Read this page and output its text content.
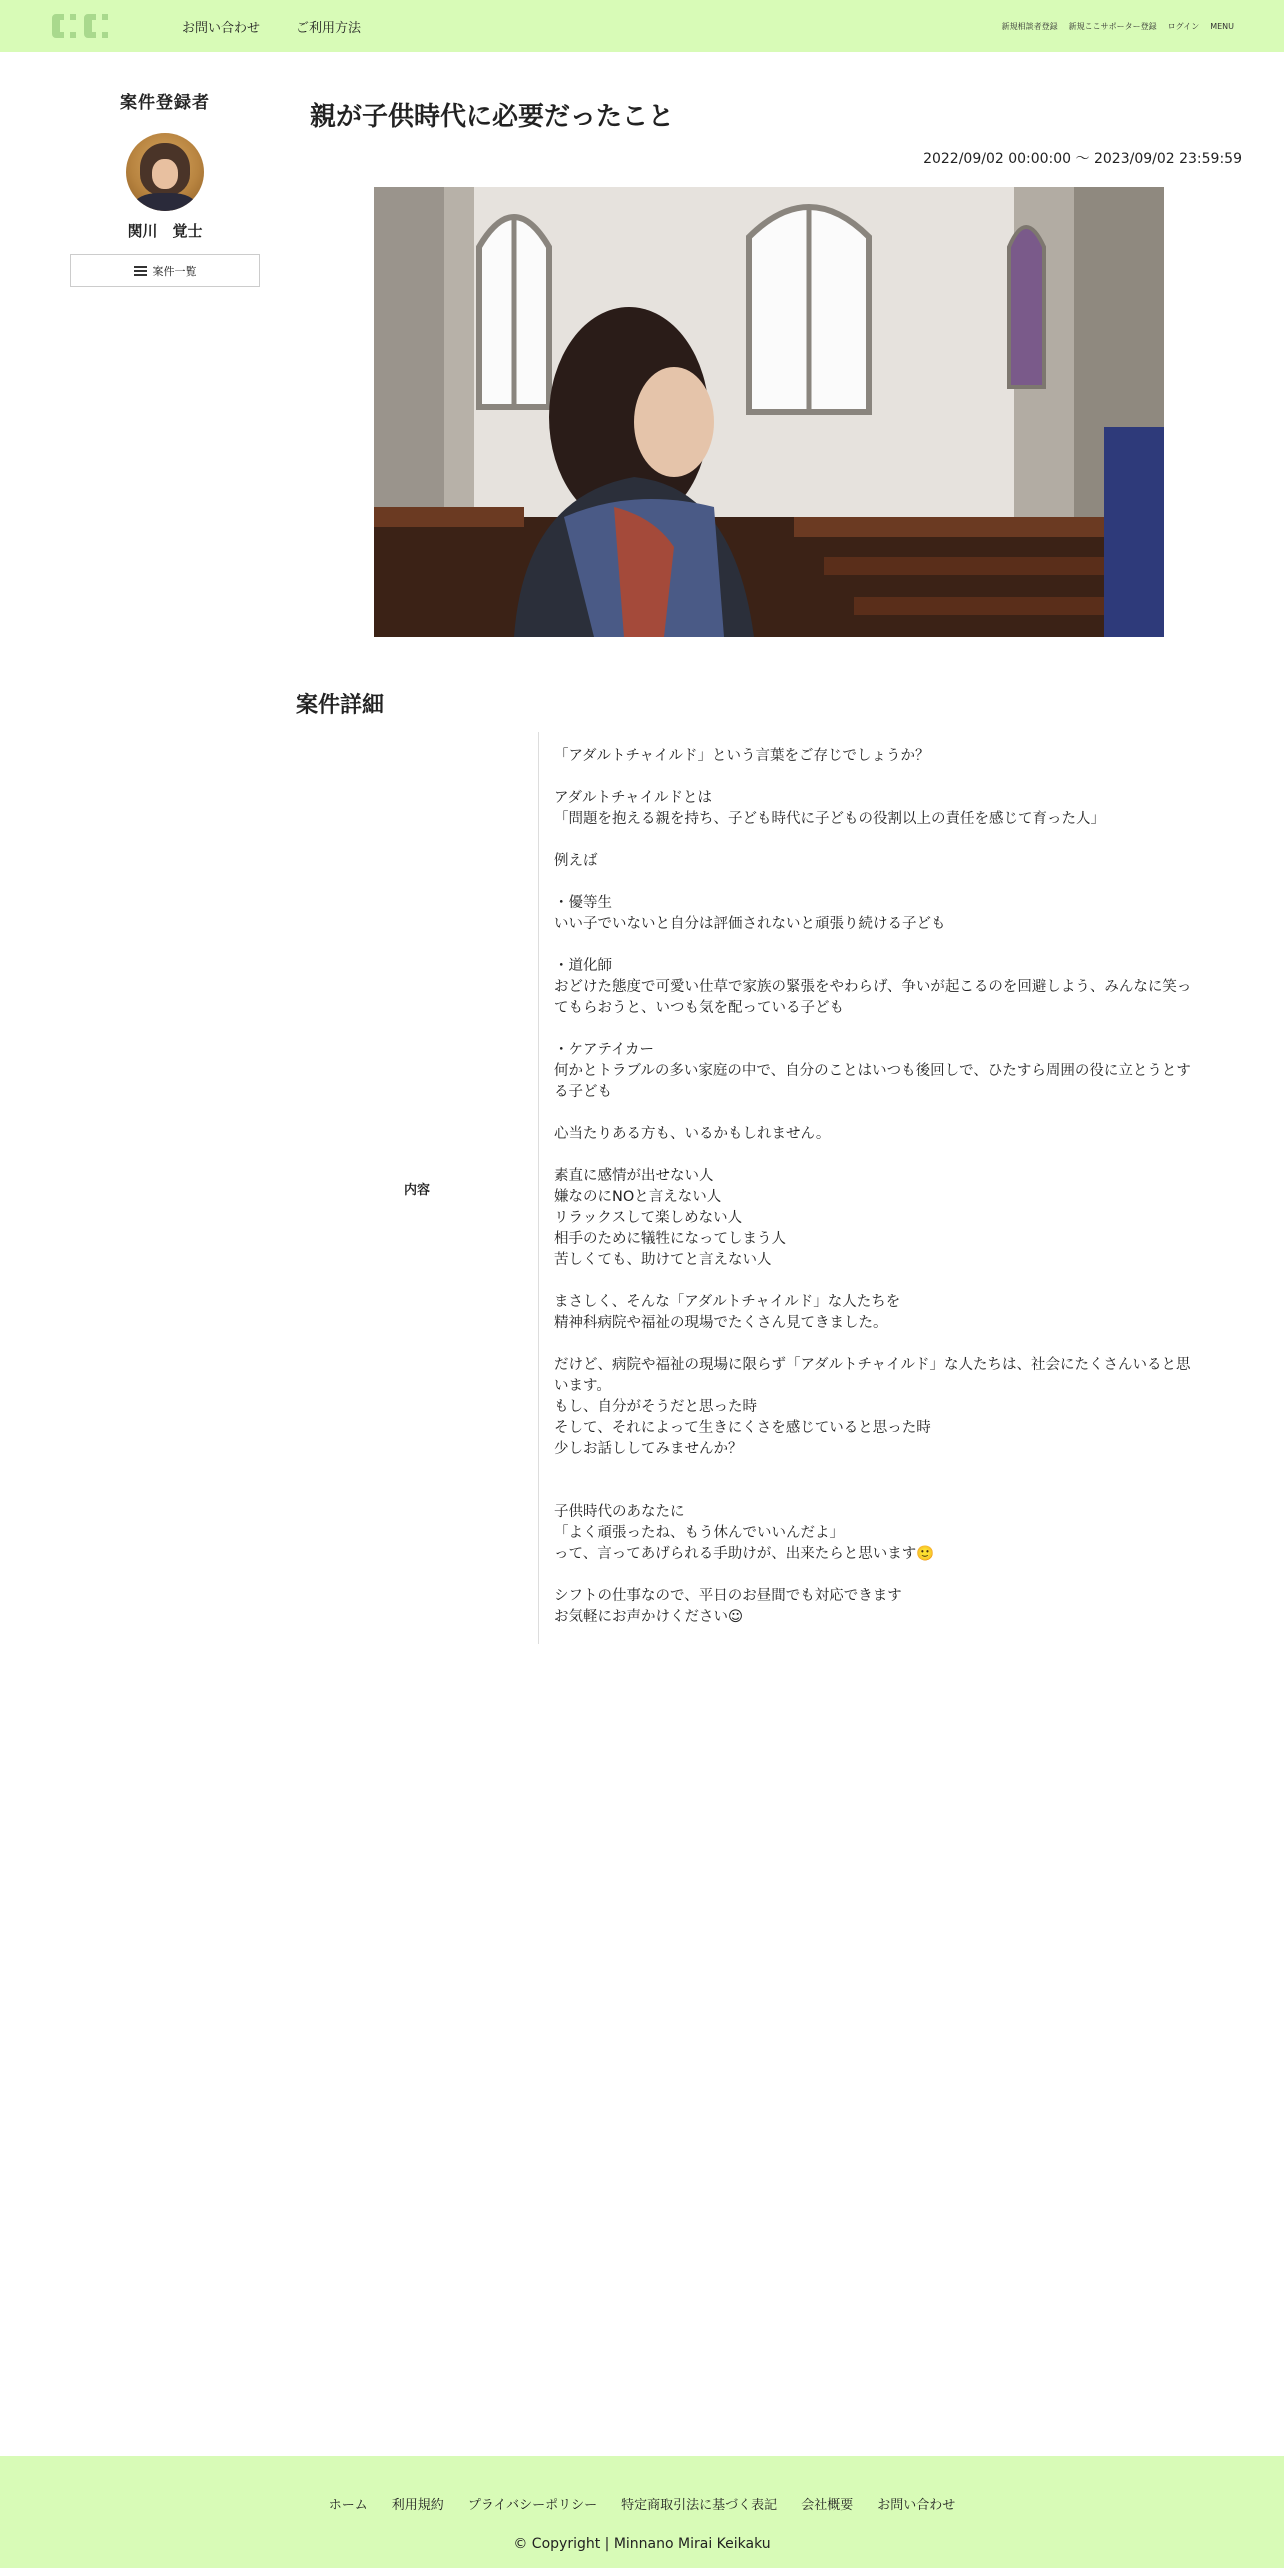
お問い合わせ	ご利用方法	新規相談者登録 新規ここサポーター登録 ログイン MENU
案件登録者
関川　覚士
案件一覧
親が子供時代に必要だったこと
2022/09/02 00:00:00 ～ 2023/09/02 23:59:59
案件詳細
内容

「アダルトチャイルド」という言葉をご存じでしょうか？

アダルトチャイルドとは

「問題を抱える親を持ち、子ども時代に子どもの役割以上の責任を感じて育った人」

例えば

・優等生

いい子でいないと自分は評価されないと頑張り続ける子ども

・道化師

おどけた態度で可愛い仕草で家族の緊張をやわらげ、争いが起こるのを回避しよう、みんなに笑ってもらおうと、いつも気を配っている子ども

・ケアテイカー

何かとトラブルの多い家庭の中で、自分のことはいつも後回しで、ひたすら周囲の役に立とうとする子ども

心当たりある方も、いるかもしれません。

素直に感情が出せない人

嫌なのにNOと言えない人

リラックスして楽しめない人

相手のために犠牲になってしまう人

苦しくても、助けてと言えない人

まさしく、そんな「アダルトチャイルド」な人たちを

精神科病院や福祉の現場でたくさん見てきました。

だけど、病院や福祉の現場に限らず「アダルトチャイルド」な人たちは、社会にたくさんいると思います。

もし、自分がそうだと思った時

そして、それによって生きにくさを感じていると思った時

少しお話ししてみませんか？

子供時代のあなたに

「よく頑張ったね、もう休んでいいんだよ」

って、言ってあげられる手助けが、出来たらと思います🙂

シフトの仕事なので、平日のお昼間でも対応できます

お気軽にお声かけください☺

ホーム 利用規約 プライバシーポリシー 特定商取引法に基づく表記 会社概要 お問い合わせ
© Copyright | Minnano Mirai Keikaku
